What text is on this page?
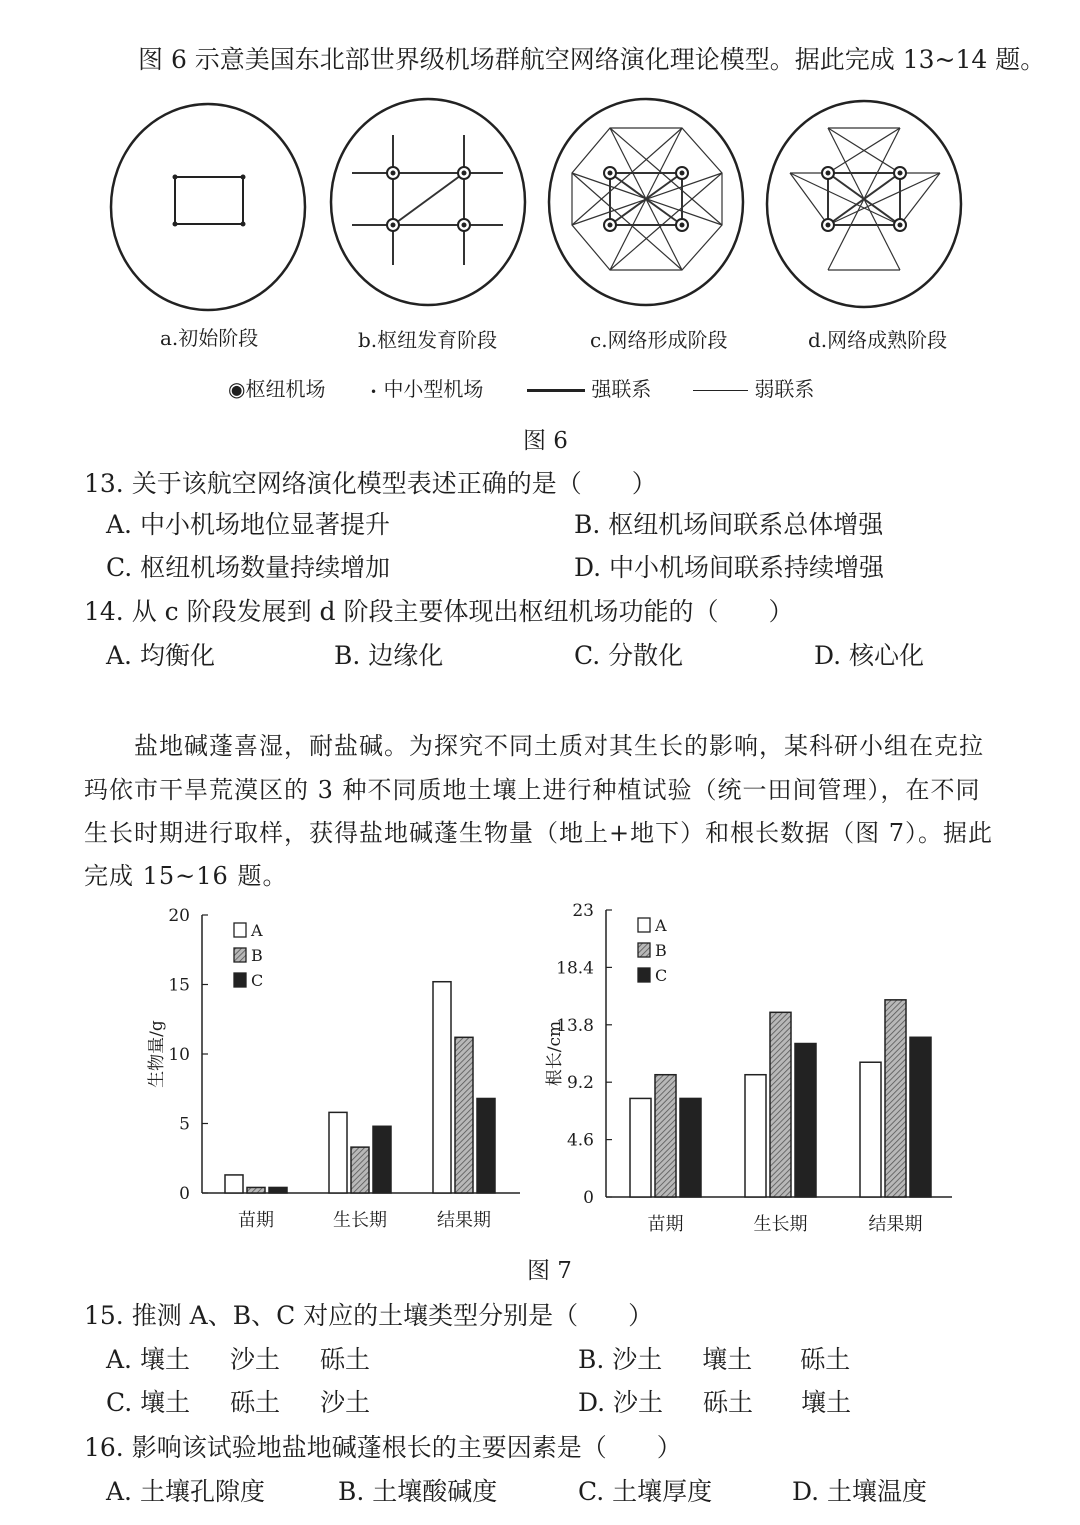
图 6 示意美国东北部世界级机场群航空网络演化理论模型。据此完成 13~14 题。
a.初始阶段	b.枢纽发育阶段	c.网络形成阶段	d.网络成熟阶段
◉枢纽机场	• 中小型机场	强联系	弱联系
图 6
13. 关于该航空网络演化模型表述正确的是（　　）
A. 中小机场地位显著提升	B. 枢纽机场间联系总体增强
C. 枢纽机场数量持续增加	D. 中小机场间联系持续增强
14. 从 c 阶段发展到 d 阶段主要体现出枢纽机场功能的（　　）
A. 均衡化	B. 边缘化	C. 分散化	D. 核心化
盐地碱蓬喜湿，耐盐碱。为探究不同土质对其生长的影响，某科研小组在克拉
玛依市干旱荒漠区的 3 种不同质地土壤上进行种植试验（统一田间管理），在不同
生长时期进行取样，获得盐地碱蓬生物量（地上+地下）和根长数据（图 7）。据此
完成 15~16 题。
0
5
10
15
20
生物量/g
苗期	生长期	结果期
A
B
C
0
4.6
9.2
13.8
18.4
23
根长/cm
苗期	生长期	结果期
A
B
C
图 7
15. 推测 A、B、C 对应的土壤类型分别是（　　）
A. 壤土 沙土 砾土	B. 沙土 壤土 砾土
C. 壤土 砾土 沙土	D. 沙土 砾土 壤土
16. 影响该试验地盐地碱蓬根长的主要因素是（　　）
A. 土壤孔隙度	B. 土壤酸碱度	C. 土壤厚度	D. 土壤温度
